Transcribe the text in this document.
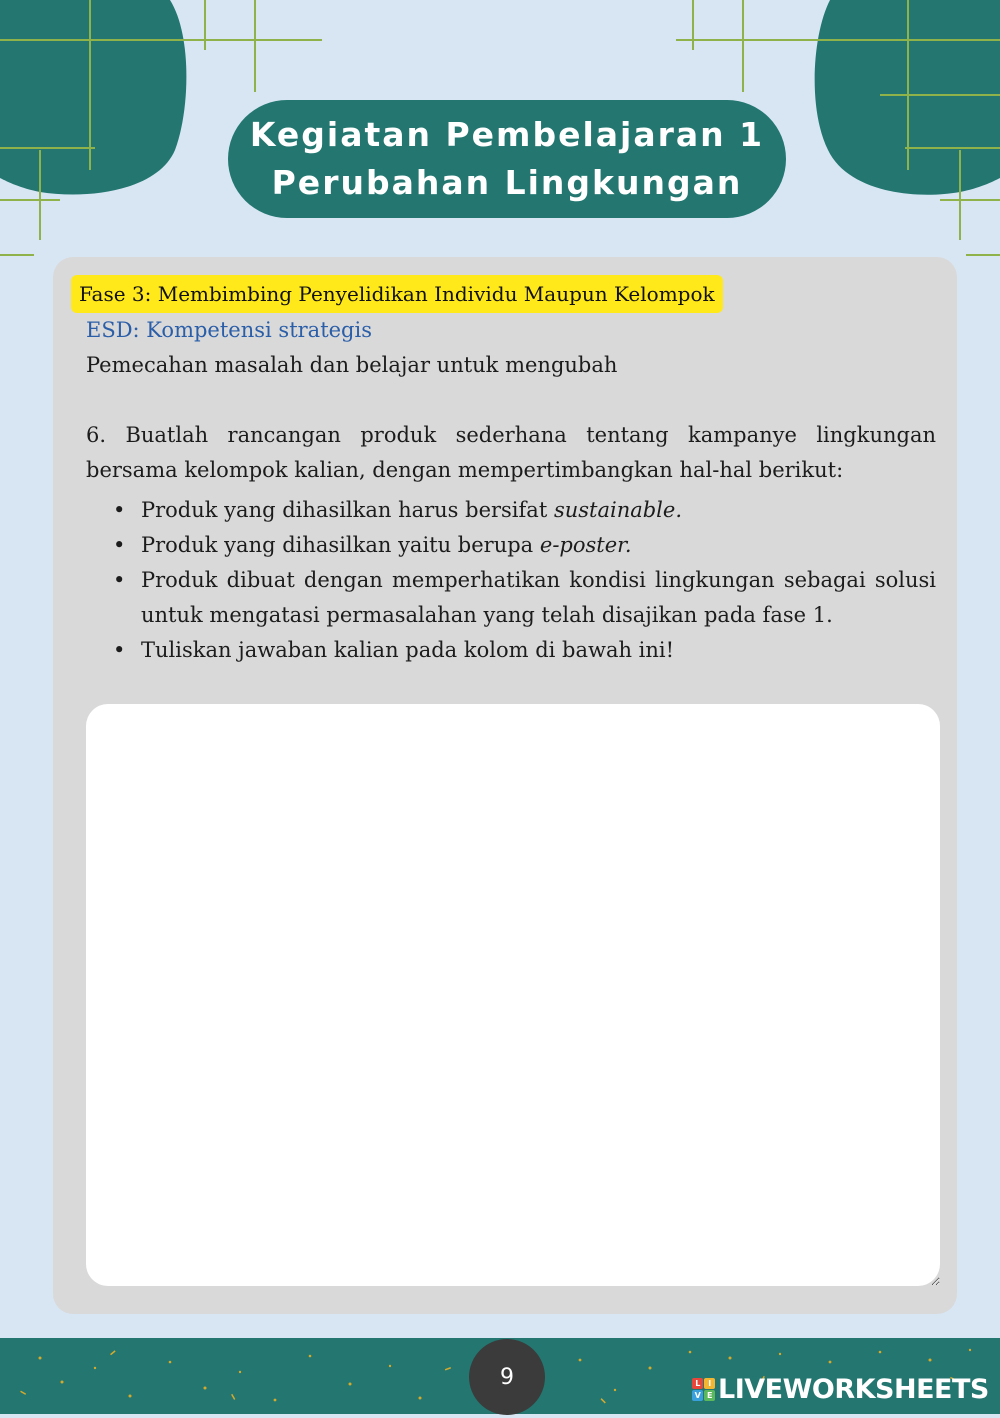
Kegiatan Pembelajaran 1
Perubahan Lingkungan
Fase 3: Membimbing Penyelidikan Individu Maupun Kelompok
ESD: Kompetensi strategis
Pemecahan masalah dan belajar untuk mengubah
6. Buatlah rancangan produk sederhana tentang kampanye lingkungan bersama kelompok kalian, dengan mempertimbangkan hal-hal berikut:
• Produk yang dihasilkan harus bersifat sustainable.
• Produk yang dihasilkan yaitu berupa e-poster.
• Produk dibuat dengan memperhatikan kondisi lingkungan sebagai solusi untuk mengatasi permasalahan yang telah disajikan pada fase 1.
• Tuliskan jawaban kalian pada kolom di bawah ini!
9	L	I
V E LIVEWORKSHEETS
